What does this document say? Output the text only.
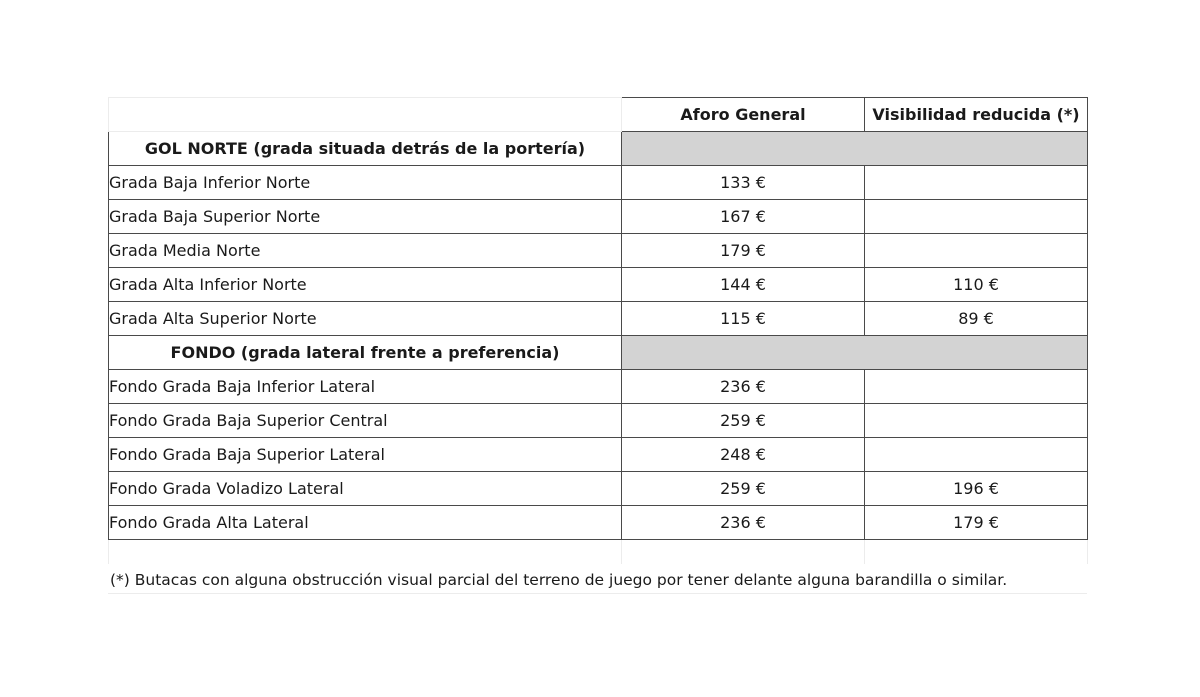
	Aforo General	Visibilidad reducida (*)
GOL NORTE (grada situada detrás de la portería)		
Grada Baja Inferior Norte	133 €	
Grada Baja Superior Norte	167 €	
Grada Media Norte	179 €	
Grada Alta Inferior Norte	144 €	110 €
Grada Alta Superior Norte	115 €	89 €
FONDO (grada lateral frente a preferencia)		
Fondo Grada Baja Inferior Lateral	236 €	
Fondo Grada Baja Superior Central	259 €	
Fondo Grada Baja Superior Lateral	248 €	
Fondo Grada Voladizo Lateral	259 €	196 €
Fondo Grada Alta Lateral	236 €	179 €

(*) Butacas con alguna obstrucción visual parcial del terreno de juego por tener delante alguna barandilla o similar.
